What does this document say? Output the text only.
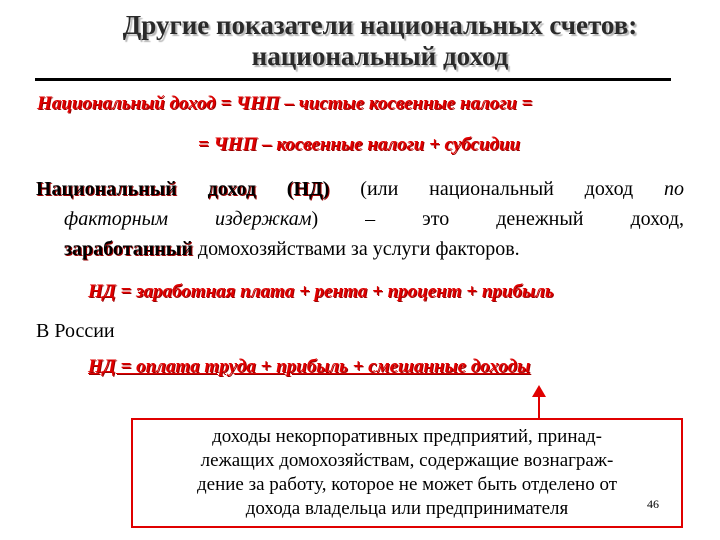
Другие показатели национальных счетов:
национальный доход
Национальный доход = ЧНП – чистые косвенные налоги =
= ЧНП – косвенные налоги + субсидии
Национальный доход (НД) (или национальный доход по
факторным издержкам) – это денежный доход,
заработанный домохозяйствами за услуги факторов.
НД = заработная плата + рента + процент + прибыль
В России
НД = оплата труда + прибыль + смешанные доходы
доходы некорпоративных предприятий, принад-
лежащих домохозяйствам, содержащие вознаграж-
дение за работу, которое не может быть отделено от
дохода владельца или предпринимателя	46
